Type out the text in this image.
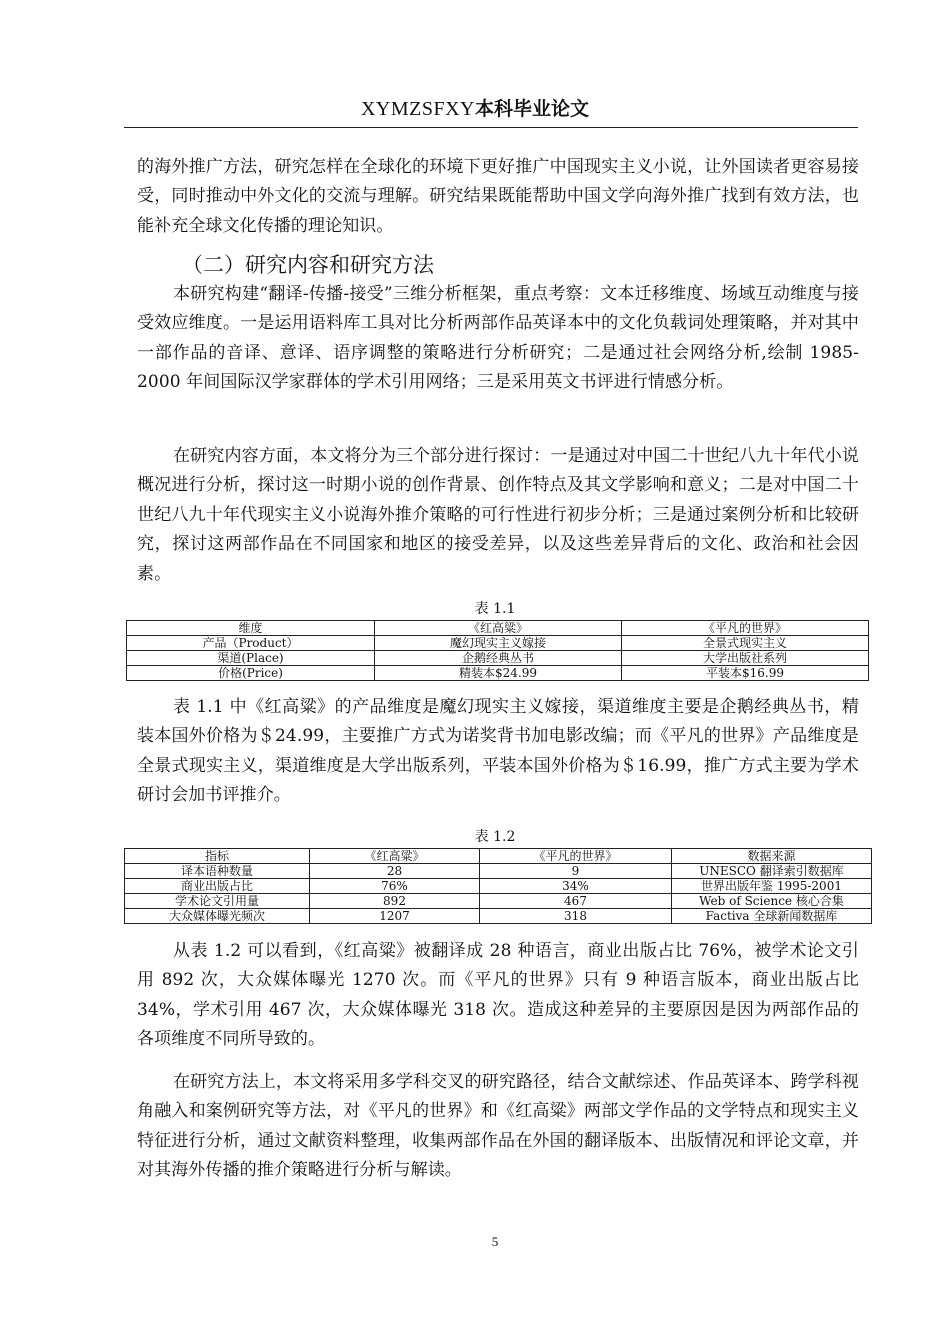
XYMZSFXY本科毕业论文

的海外推广方法，研究怎样在全球化的环境下更好推广中国现实主义小说，让外国读者更容易接受，同时推动中外文化的交流与理解。研究结果既能帮助中国文学向海外推广找到有效方法，也能补充全球文化传播的理论知识。

（二）研究内容和研究方法

本研究构建“翻译-传播-接受”三维分析框架，重点考察：文本迁移维度、场域互动维度与接受效应维度。一是运用语料库工具对比分析两部作品英译本中的文化负载词处理策略，并对其中一部作品的音译、意译、语序调整的策略进行分析研究；二是通过社会网络分析,绘制 1985-2000 年间国际汉学家群体的学术引用网络；三是采用英文书评进行情感分析。

在研究内容方面，本文将分为三个部分进行探讨：一是通过对中国二十世纪八九十年代小说概况进行分析，探讨这一时期小说的创作背景、创作特点及其文学影响和意义；二是对中国二十世纪八九十年代现实主义小说海外推介策略的可行性进行初步分析；三是通过案例分析和比较研究，探讨这两部作品在不同国家和地区的接受差异，以及这些差异背后的文化、政治和社会因素。

表 1.1
维度	《红高粱》	《平凡的世界》
产品（Product）	魔幻现实主义嫁接	全景式现实主义
渠道(Place)	企鹅经典丛书	大学出版社系列
价格(Price)	精装本$24.99	平装本$16.99

表 1.1 中《红高粱》的产品维度是魔幻现实主义嫁接，渠道维度主要是企鹅经典丛书，精装本国外价格为＄24.99，主要推广方式为诺奖背书加电影改编；而《平凡的世界》产品维度是全景式现实主义，渠道维度是大学出版系列，平装本国外价格为＄16.99，推广方式主要为学术研讨会加书评推介。

表 1.2
指标	《红高粱》	《平凡的世界》	数据来源
译本语种数量	28	9	UNESCO 翻译索引数据库
商业出版占比	76%	34%	世界出版年鉴 1995-2001
学术论文引用量	892	467	Web of Science 核心合集
大众媒体曝光频次	1207	318	Factiva 全球新闻数据库

从表 1.2 可以看到，《红高粱》被翻译成 28 种语言，商业出版占比 76%，被学术论文引用 892 次，大众媒体曝光 1270 次。而《平凡的世界》只有 9 种语言版本，商业出版占比 34%，学术引用 467 次，大众媒体曝光 318 次。造成这种差异的主要原因是因为两部作品的各项维度不同所导致的。

在研究方法上，本文将采用多学科交叉的研究路径，结合文献综述、作品英译本、跨学科视角融入和案例研究等方法，对《平凡的世界》和《红高粱》两部文学作品的文学特点和现实主义特征进行分析，通过文献资料整理，收集两部作品在外国的翻译版本、出版情况和评论文章，并对其海外传播的推介策略进行分析与解读。

5
